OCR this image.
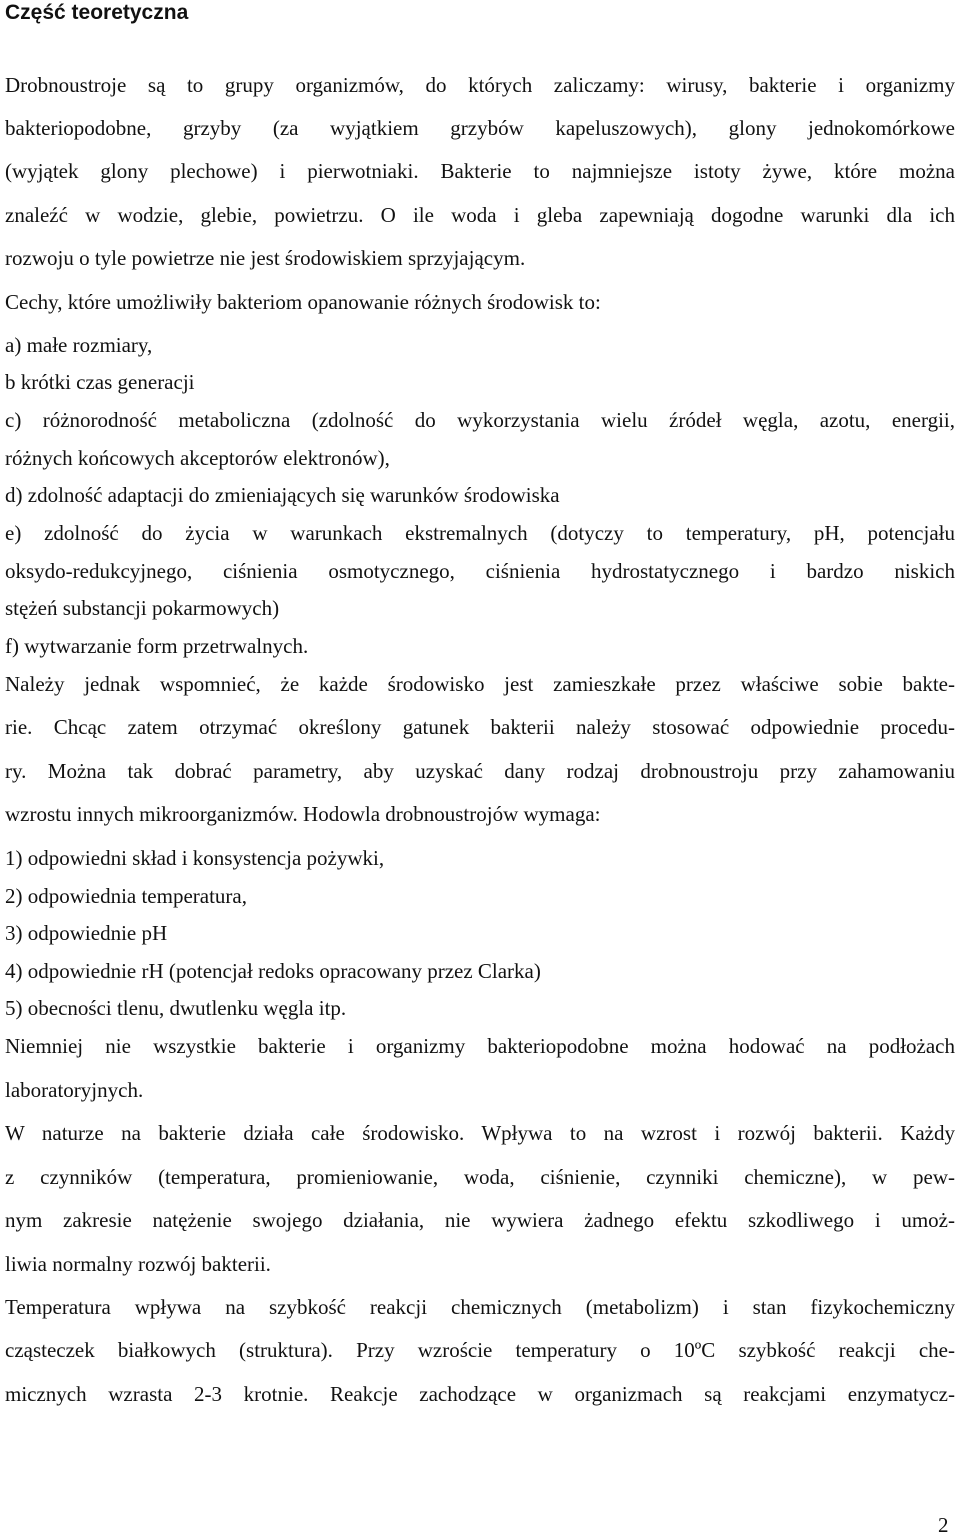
Część teoretyczna
Drobnoustroje są to grupy organizmów, do których zaliczamy: wirusy, bakterie i organizmy
bakteriopodobne, grzyby (za wyjątkiem grzybów kapeluszowych), glony jednokomórkowe
(wyjątek glony plechowe) i pierwotniaki. Bakterie to najmniejsze istoty żywe, które można
znaleźć w wodzie, glebie, powietrzu. O ile woda i gleba zapewniają dogodne warunki dla ich
rozwoju o tyle powietrze nie jest środowiskiem sprzyjającym.
Cechy, które umożliwiły bakteriom opanowanie różnych środowisk to:
a) małe rozmiary,
b krótki czas generacji
c) różnorodność metaboliczna (zdolność do wykorzystania wielu źródeł węgla, azotu, energii,
różnych końcowych akceptorów elektronów),
d) zdolność adaptacji do zmieniających się warunków środowiska
e) zdolność do życia w warunkach ekstremalnych (dotyczy to temperatury, pH, potencjału
oksydo-redukcyjnego, ciśnienia osmotycznego, ciśnienia hydrostatycznego i bardzo niskich
stężeń substancji pokarmowych)
f) wytwarzanie form przetrwalnych.
Należy jednak wspomnieć, że każde środowisko jest zamieszkałe przez właściwe sobie bakte-
rie. Chcąc zatem otrzymać określony gatunek bakterii należy stosować odpowiednie procedu-
ry. Można tak dobrać parametry, aby uzyskać dany rodzaj drobnoustroju przy zahamowaniu
wzrostu innych mikroorganizmów. Hodowla drobnoustrojów wymaga:
1) odpowiedni skład i konsystencja pożywki,
2) odpowiednia temperatura,
3) odpowiednie pH
4) odpowiednie rH (potencjał redoks opracowany przez Clarka)
5) obecności tlenu, dwutlenku węgla itp.
Niemniej nie wszystkie bakterie i organizmy bakteriopodobne można hodować na podłożach
laboratoryjnych.
W naturze na bakterie działa całe środowisko. Wpływa to na wzrost i rozwój bakterii. Każdy
z czynników (temperatura, promieniowanie, woda, ciśnienie, czynniki chemiczne), w pew-
nym zakresie natężenie swojego działania, nie wywiera żadnego efektu szkodliwego i umoż-
liwia normalny rozwój bakterii.
Temperatura wpływa na szybkość reakcji chemicznych (metabolizm) i stan fizykochemiczny
cząsteczek białkowych (struktura). Przy wzroście temperatury o 10ºC szybkość reakcji che-
micznych wzrasta 2-3 krotnie. Reakcje zachodzące w organizmach są reakcjami enzymatycz-
2
